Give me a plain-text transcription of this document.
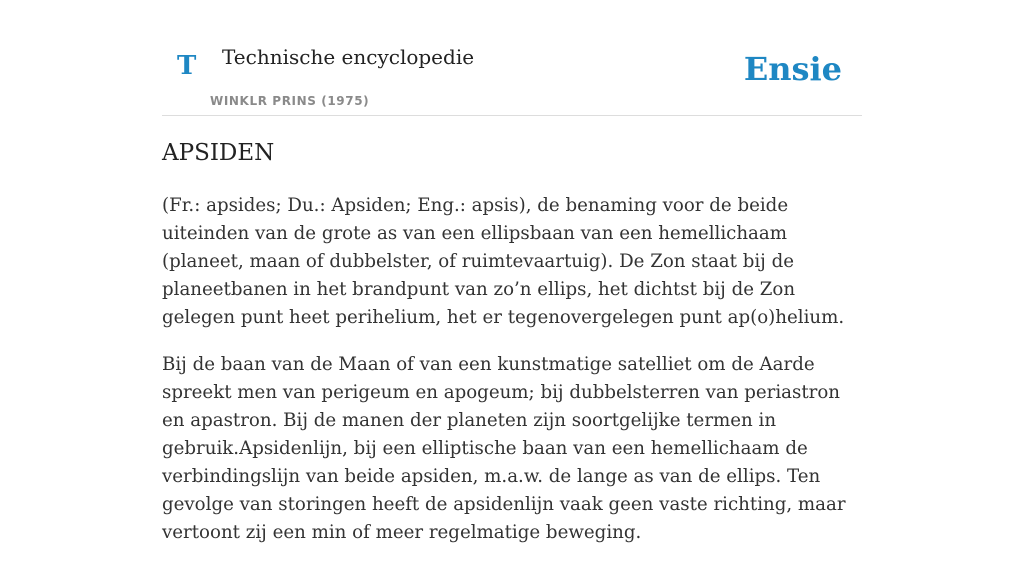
T Technische encyclopedie
WINKLR PRINS (1975)
Ensie
APSIDEN

(Fr.: apsides; Du.: Apsiden; Eng.: apsis), de benaming voor de beide uiteinden van de grote as van een ellipsbaan van een hemellichaam (planeet, maan of dubbelster, of ruimtevaartuig). De Zon staat bij de planeetbanen in het brandpunt van zo’n ellips, het dichtst bij de Zon gelegen punt heet perihelium, het er tegenovergelegen punt ap(o)helium.

Bij de baan van de Maan of van een kunstmatige satelliet om de Aarde spreekt men van perigeum en apogeum; bij dubbelsterren van periastron en apastron. Bij de manen der planeten zijn soortgelijke termen in gebruik.Apsidenlijn, bij een elliptische baan van een hemellichaam de verbindingslijn van beide apsiden, m.a.w. de lange as van de ellips. Ten gevolge van storingen heeft de apsidenlijn vaak geen vaste richting, maar vertoont zij een min of meer regelmatige beweging.
